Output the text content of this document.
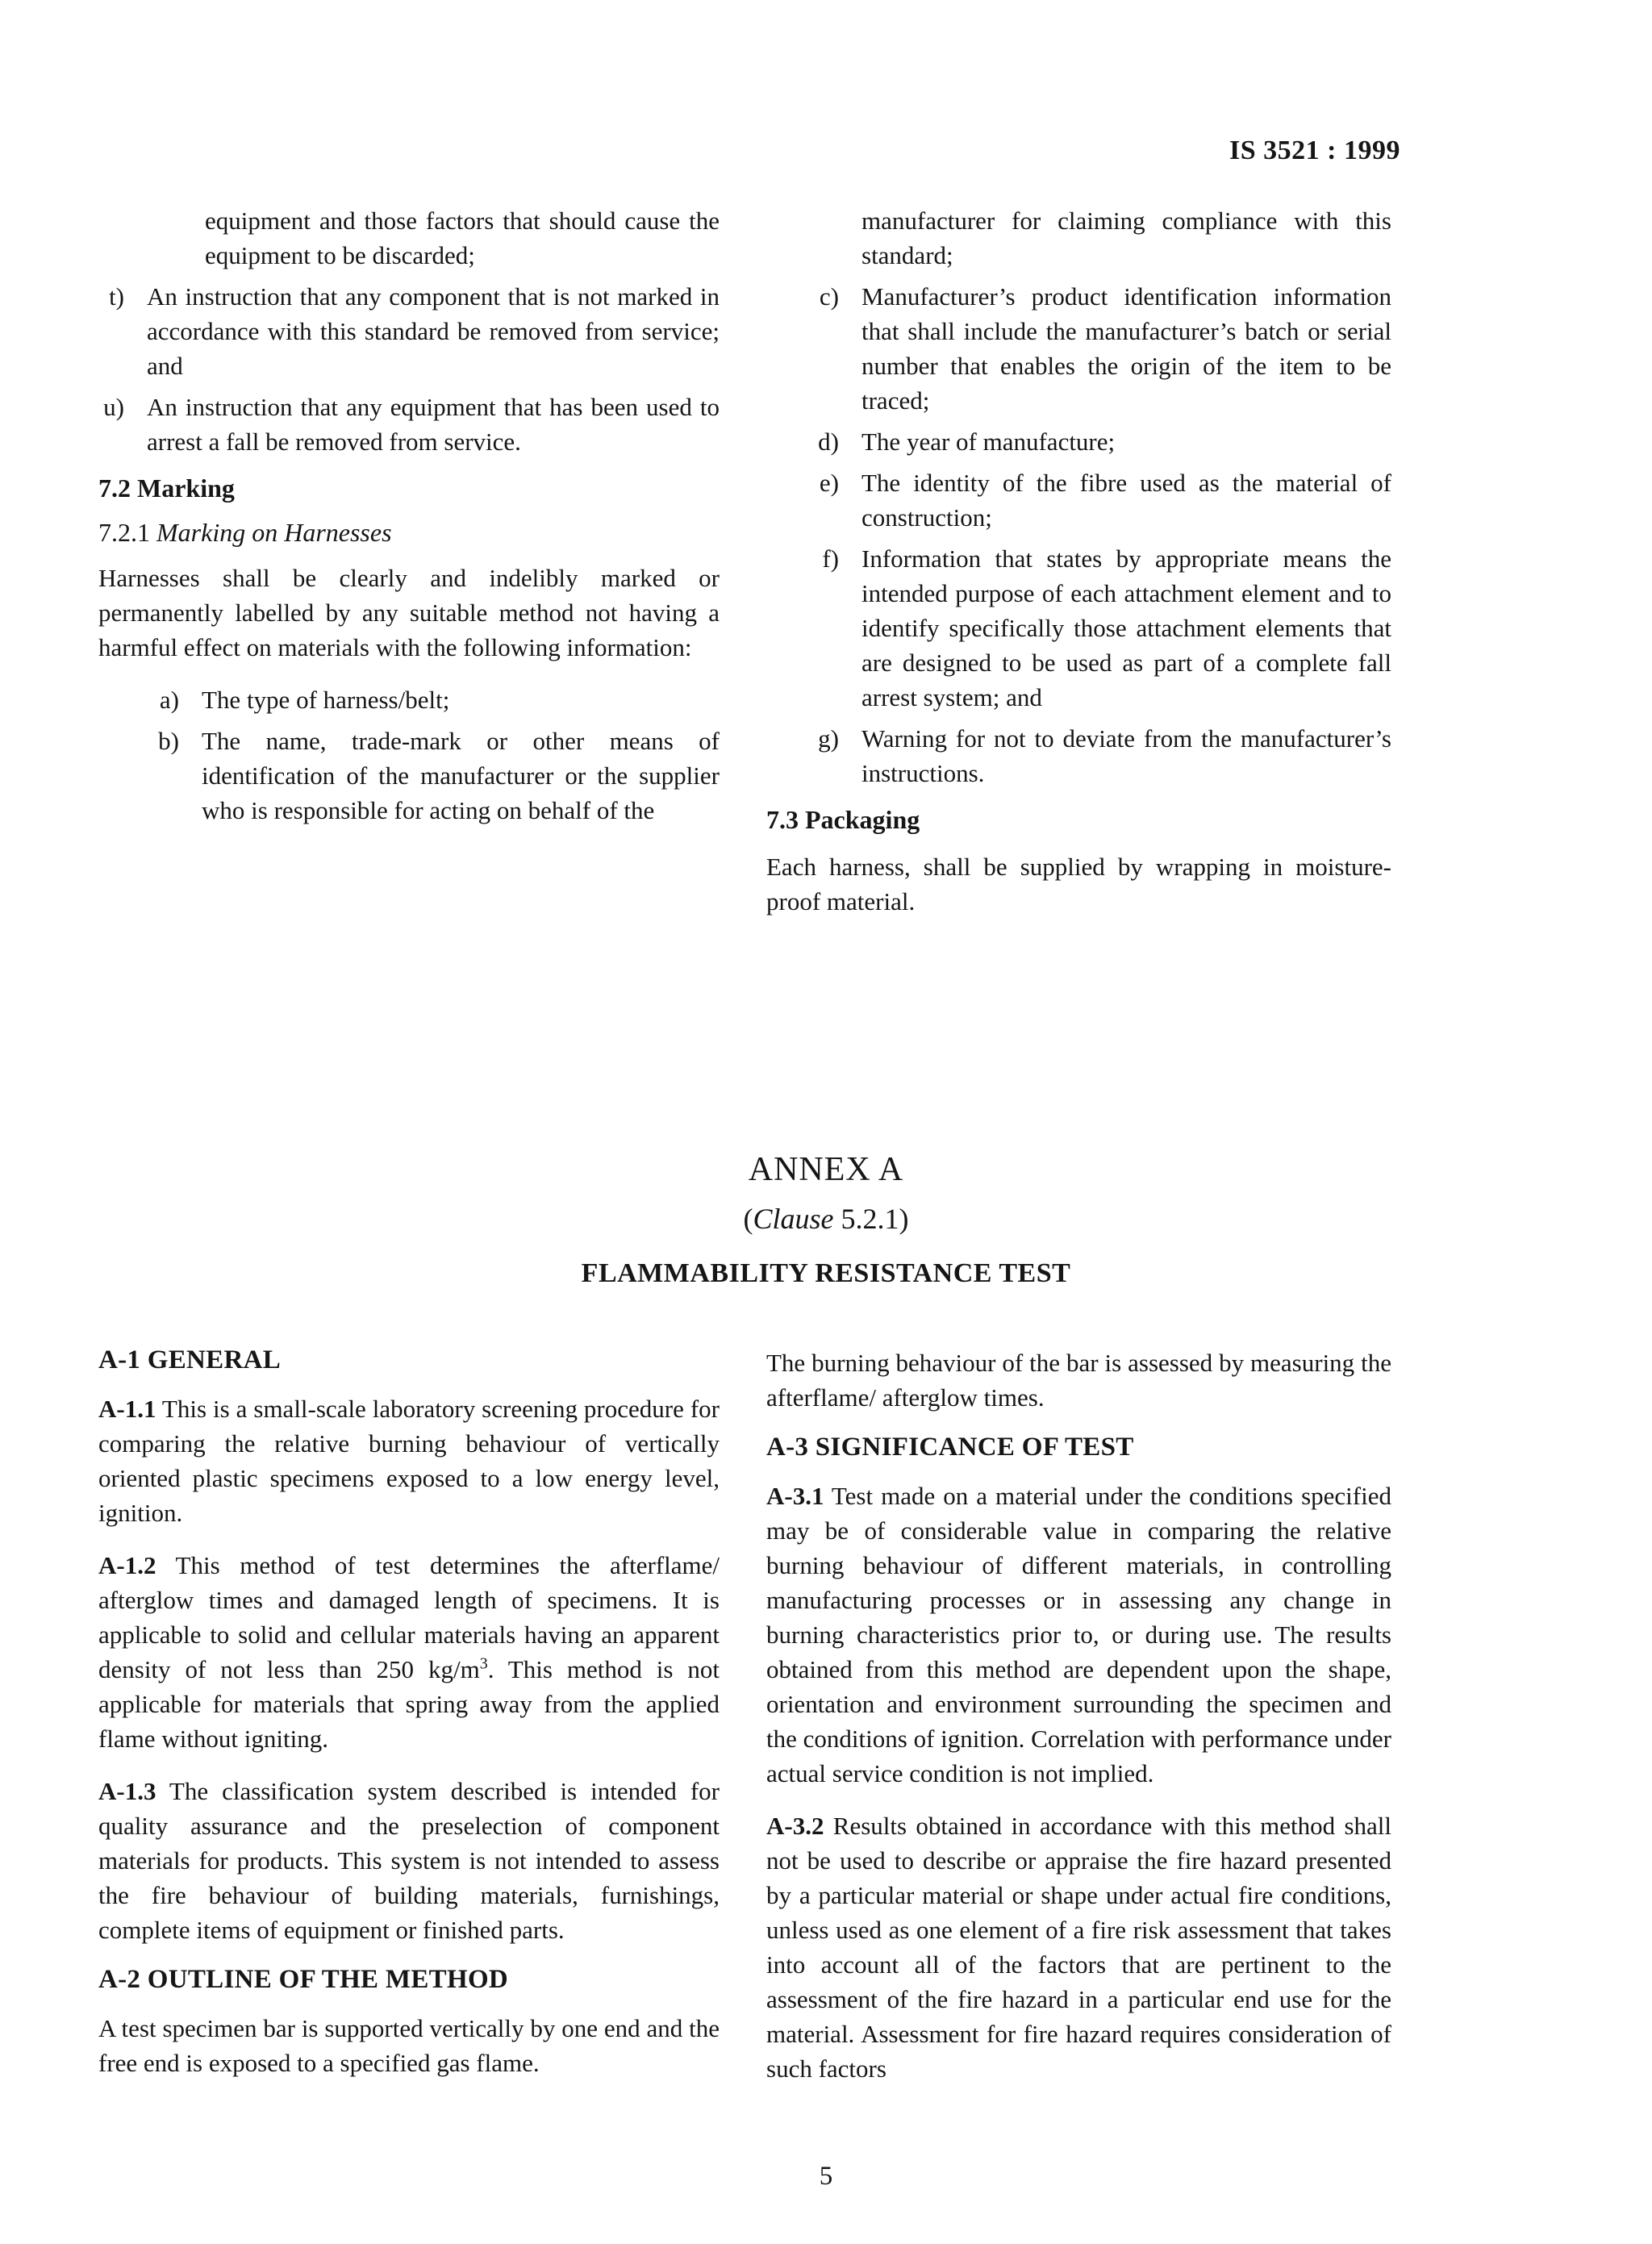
IS 3521 : 1999

equipment and those factors that should cause the equipment to be discarded;

t) An instruction that any component that is not marked in accordance with this standard be removed from service; and
u) An instruction that any equipment that has been used to arrest a fall be removed from service.
7.2 Marking
7.2.1 Marking on Harnesses

Harnesses shall be clearly and indelibly marked or permanently labelled by any suitable method not having a harmful effect on materials with the following information:

a) The type of harness/belt;
b) The name, trade-mark or other means of identification of the manufacturer or the supplier who is responsible for acting on behalf of the

manufacturer for claiming compliance with this standard;

c) Manufacturer’s product identification information that shall include the manufacturer’s batch or serial number that enables the origin of the item to be traced;
d) The year of manufacture;
e) The identity of the fibre used as the material of construction;
f) Information that states by appropriate means the intended purpose of each attachment element and to identify specifically those attachment elements that are designed to be used as part of a complete fall arrest system; and
g) Warning for not to deviate from the manufacturer’s instructions.
7.3 Packaging

Each harness, shall be supplied by wrapping in moisture-proof material.

ANNEX A
(Clause 5.2.1)
FLAMMABILITY RESISTANCE TEST
A-1 GENERAL

A-1.1 This is a small-scale laboratory screening procedure for comparing the relative burning behaviour of vertically oriented plastic specimens exposed to a low energy level, ignition.

A-1.2 This method of test determines the afterflame/ afterglow times and damaged length of specimens. It is applicable to solid and cellular materials having an apparent density of not less than 250 $kg/m^3$. This method is not applicable for materials that spring away from the applied flame without igniting.

A-1.3 The classification system described is intended for quality assurance and the preselection of component materials for products. This system is not intended to assess the fire behaviour of building materials, furnishings, complete items of equipment or finished parts.

A-2 OUTLINE OF THE METHOD

A test specimen bar is supported vertically by one end and the free end is exposed to a specified gas flame.

The burning behaviour of the bar is assessed by measuring the afterflame/ afterglow times.

A-3 SIGNIFICANCE OF TEST

A-3.1 Test made on a material under the conditions specified may be of considerable value in comparing the relative burning behaviour of different materials, in controlling manufacturing processes or in assessing any change in burning characteristics prior to, or during use. The results obtained from this method are dependent upon the shape, orientation and environment surrounding the specimen and the conditions of ignition. Correlation with performance under actual service condition is not implied.

A-3.2 Results obtained in accordance with this method shall not be used to describe or appraise the fire hazard presented by a particular material or shape under actual fire conditions, unless used as one element of a fire risk assessment that takes into account all of the factors that are pertinent to the assessment of the fire hazard in a particular end use for the material. Assessment for fire hazard requires consideration of such factors

5
